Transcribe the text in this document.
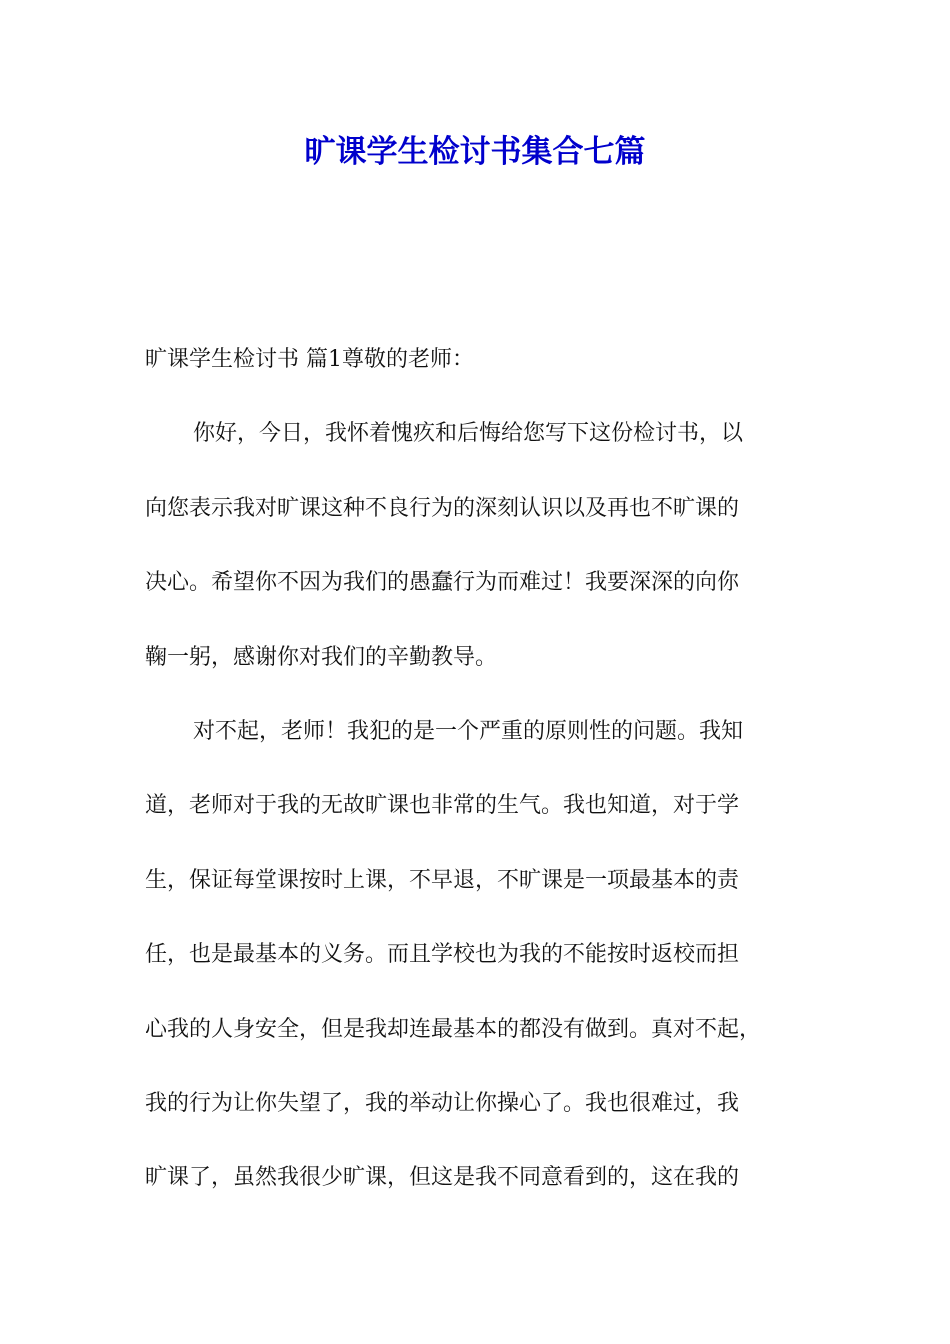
旷课学生检讨书集合七篇

旷课学生检讨书 篇1尊敬的老师：

你好，今日，我怀着愧疚和后悔给您写下这份检讨书，以

向您表示我对旷课这种不良行为的深刻认识以及再也不旷课的

决心。希望你不因为我们的愚蠢行为而难过！我要深深的向你

鞠一躬，感谢你对我们的辛勤教导。

对不起，老师！我犯的是一个严重的原则性的问题。我知

道，老师对于我的无故旷课也非常的生气。我也知道，对于学

生，保证每堂课按时上课，不早退，不旷课是一项最基本的责

任，也是最基本的义务。而且学校也为我的不能按时返校而担

心我的人身安全，但是我却连最基本的都没有做到。真对不起，

我的行为让你失望了，我的举动让你操心了。我也很难过，我

旷课了，虽然我很少旷课，但这是我不同意看到的，这在我的
